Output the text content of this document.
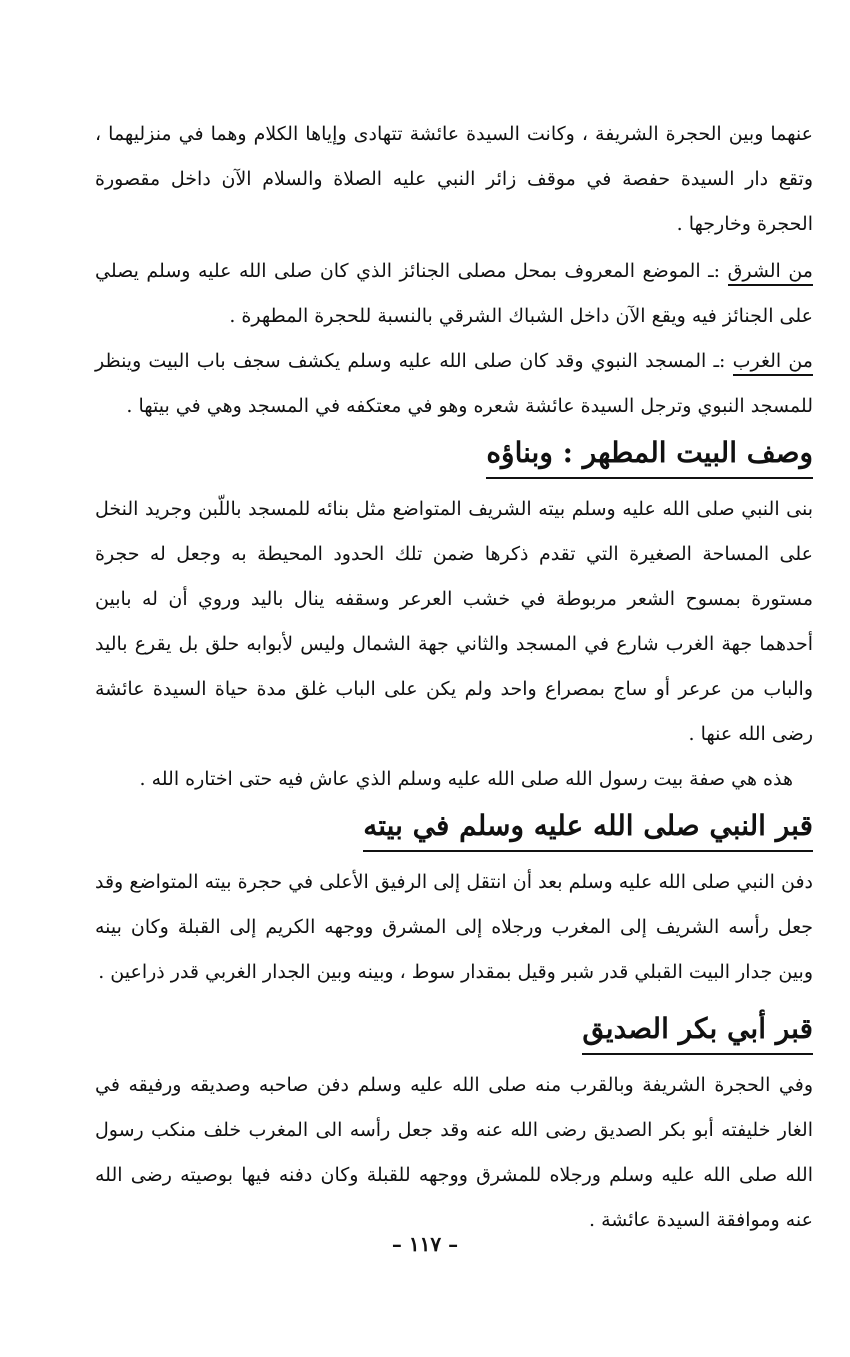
عنهما وبين الحجرة الشريفة ، وكانت السيدة عائشة تتهادى وإياها الكلام وهما في منزليهما ، وتقع دار السيدة حفصة في موقف زائر النبي عليه الصلاة والسلام الآن داخل مقصورة الحجرة وخارجها .

من الشرق :ـ الموضع المعروف بمحل مصلى الجنائز الذي كان صلى الله عليه وسلم يصلي على الجنائز فيه ويقع الآن داخل الشباك الشرقي بالنسبة للحجرة المطهرة .

من الغرب :ـ المسجد النبوي وقد كان صلى الله عليه وسلم يكشف سجف باب البيت وينظر للمسجد النبوي وترجل السيدة عائشة شعره وهو في معتكفه في المسجد وهي في بيتها .

وصف البيت المطهر : وبناؤه

بنى النبي صلى الله عليه وسلم بيته الشريف المتواضع مثل بنائه للمسجد باللّبن وجريد النخل على المساحة الصغيرة التي تقدم ذكرها ضمن تلك الحدود المحيطة به وجعل له حجرة مستورة بمسوح الشعر مربوطة في خشب العرعر وسقفه ينال باليد وروي أن له بابين أحدهما جهة الغرب شارع في المسجد والثاني جهة الشمال وليس لأبوابه حلق بل يقرع باليد والباب من عرعر أو ساج بمصراع واحد ولم يكن على الباب غلق مدة حياة السيدة عائشة رضى الله عنها .

هذه هي صفة بيت رسول الله صلى الله عليه وسلم الذي عاش فيه حتى اختاره الله .

قبر النبي صلى الله عليه وسلم في بيته

دفن النبي صلى الله عليه وسلم بعد أن انتقل إلى الرفيق الأعلى في حجرة بيته المتواضع وقد جعل رأسه الشريف إلى المغرب ورجلاه إلى المشرق ووجهه الكريم إلى القبلة وكان بينه وبين جدار البيت القبلي قدر شبر وقيل بمقدار سوط ، وبينه وبين الجدار الغربي قدر ذراعين .

قبر أبي بكر الصديق

وفي الحجرة الشريفة وبالقرب منه صلى الله عليه وسلم دفن صاحبه وصديقه ورفيقه في الغار خليفته أبو بكر الصديق رضى الله عنه وقد جعل رأسه الى المغرب خلف منكب رسول الله صلى الله عليه وسلم ورجلاه للمشرق ووجهه للقبلة وكان دفنه فيها بوصيته رضى الله عنه وموافقة السيدة عائشة .

– ١١٧ –
